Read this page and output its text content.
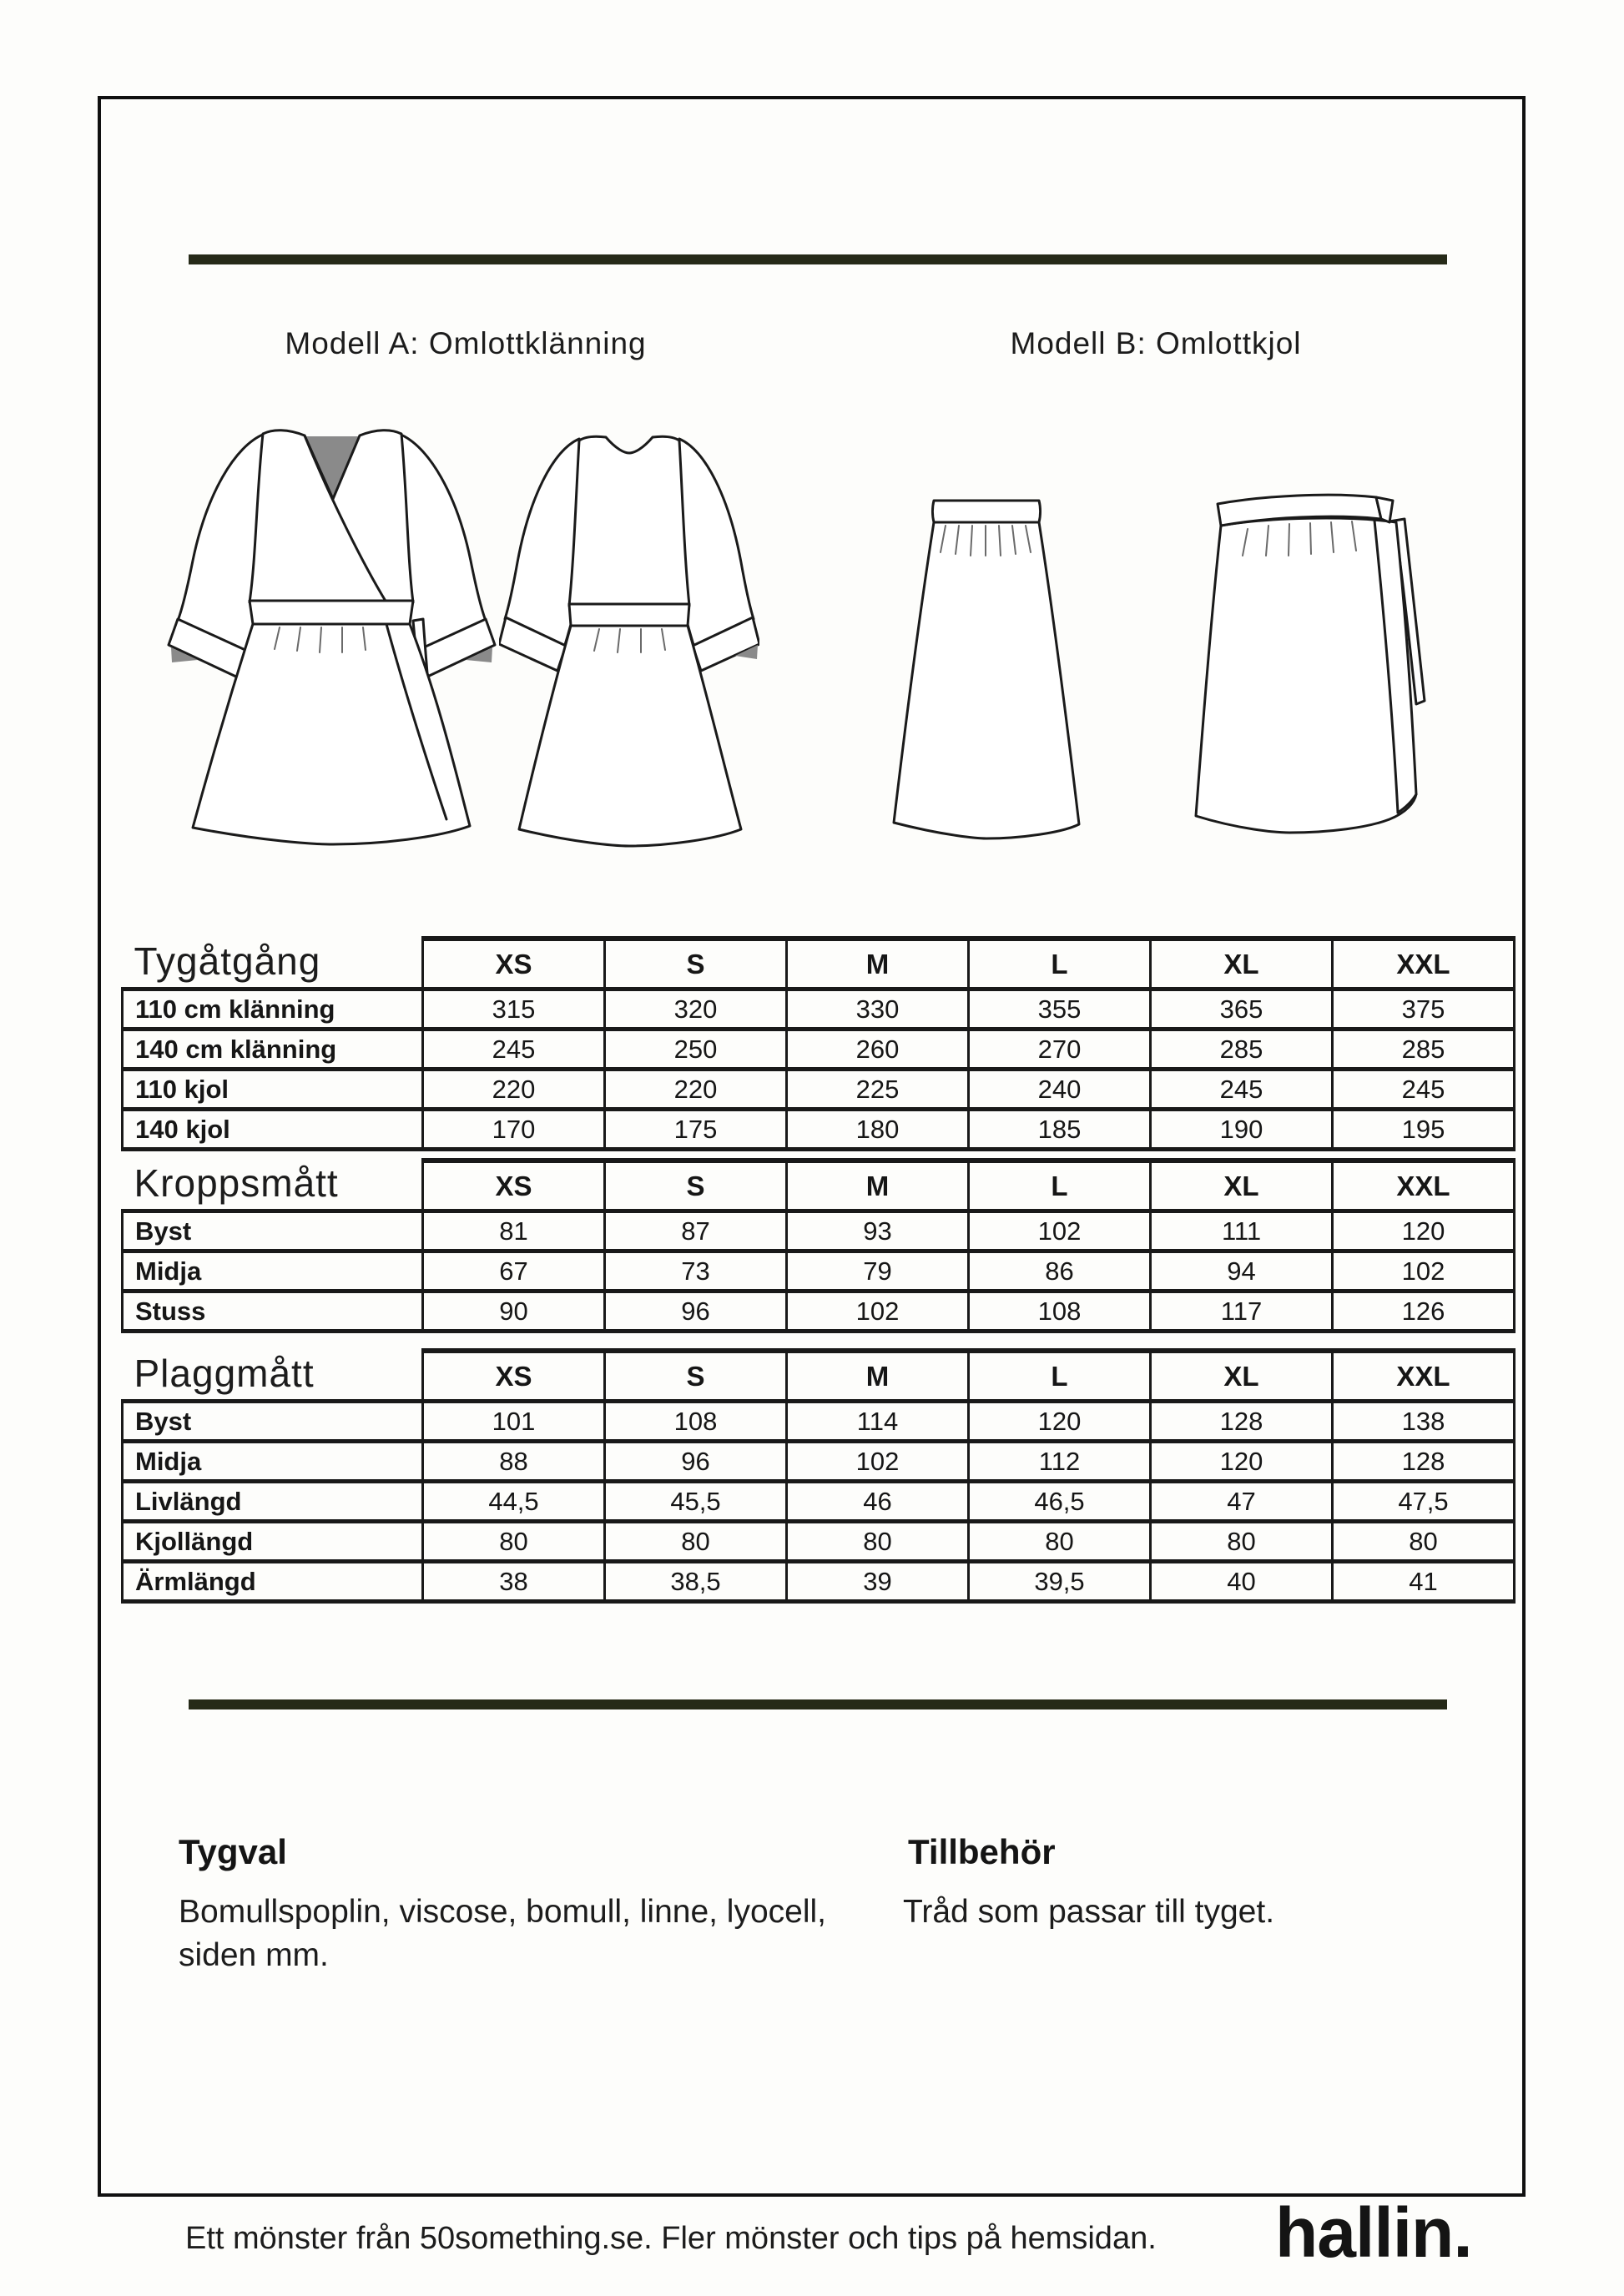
Modell A: Omlottklänning	Modell B: Omlottkjol
Tygåtgång	XS	S	M	L	XL	XXL
110 cm klänning	315	320	330	355	365	375
140 cm klänning	245	250	260	270	285	285
110 kjol	220	220	225	240	245	245
140 kjol	170	175	180	185	190	195
Kroppsmått	XS	S	M	L	XL	XXL
Byst	81	87	93	102	111	120
Midja	67	73	79	86	94	102
Stuss	90	96	102	108	117	126
Plaggmått	XS	S	M	L	XL	XXL
Byst	101	108	114	120	128	138
Midja	88	96	102	112	120	128
Livlängd	44,5	45,5	46	46,5	47	47,5
Kjollängd	80	80	80	80	80	80
Ärmlängd	38	38,5	39	39,5	40	41
Tygval	Tillbehör
Bomullspoplin, viscose, bomull, linne, lyocell,
siden mm.
Tråd som passar till tyget.
Ett mönster från 50something.se. Fler mönster och tips på hemsidan. hallin.
